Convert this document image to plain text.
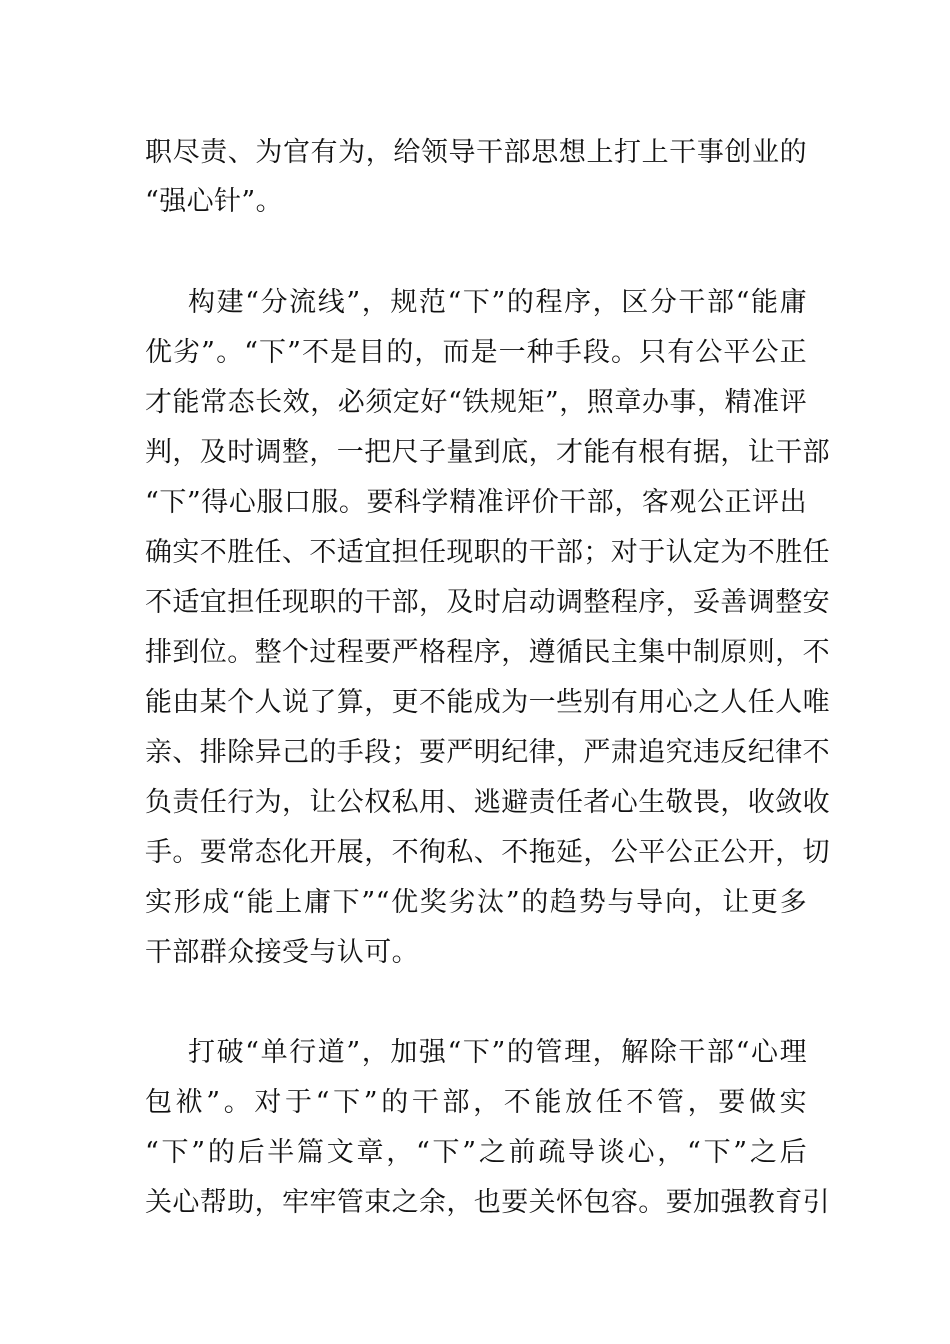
职尽责、为官有为，给领导干部思想上打上干事创业的
“强心针”。
构建“分流线”，规范“下”的程序，区分干部“能庸
优劣”。“下”不是目的，而是一种手段。只有公平公正
才能常态长效，必须定好“铁规矩”，照章办事，精准评
判，及时调整，一把尺子量到底，才能有根有据，让干部
“下”得心服口服。要科学精准评价干部，客观公正评出
确实不胜任、不适宜担任现职的干部；对于认定为不胜任
不适宜担任现职的干部，及时启动调整程序，妥善调整安
排到位。整个过程要严格程序，遵循民主集中制原则，不
能由某个人说了算，更不能成为一些别有用心之人任人唯
亲、排除异己的手段；要严明纪律，严肃追究违反纪律不
负责任行为，让公权私用、逃避责任者心生敬畏，收敛收
手。要常态化开展，不徇私、不拖延，公平公正公开，切
实形成“能上庸下”“优奖劣汰”的趋势与导向，让更多
干部群众接受与认可。
打破“单行道”，加强“下”的管理，解除干部“心理
包袱”。对于“下”的干部，不能放任不管，要做实
“下”的后半篇文章，“下”之前疏导谈心，“下”之后
关心帮助，牢牢管束之余，也要关怀包容。要加强教育引
